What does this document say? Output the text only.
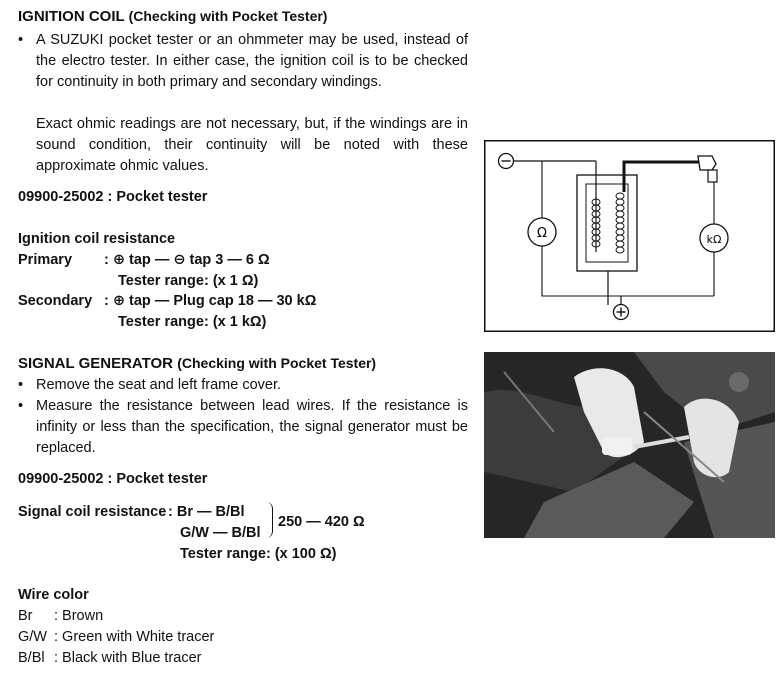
IGNITION COIL (Checking with Pocket Tester)
• A SUZUKI pocket tester or an ohmmeter may be used, instead of the electro tester. In either case, the ignition coil is to be checked for continuity in both primary and secondary windings.
Exact ohmic readings are not necessary, but, if the windings are in sound condition, their continuity will be noted with these approximate ohmic values.
09900-25002 : Pocket tester
Ignition coil resistance
Primary : ⊕ tap — ⊖ tap 3 — 6 Ω
Tester range: (x 1 Ω)
Secondary : ⊕ tap — Plug cap 18 — 30 kΩ
Tester range: (x 1 kΩ)
Ω	kΩ
SIGNAL GENERATOR (Checking with Pocket Tester)
• Remove the seat and left frame cover.
• Measure the resistance between lead wires. If the resistance is infinity or less than the specification, the signal generator must be replaced.
09900-25002 : Pocket tester
Signal coil resistance : Br — B/Bl
G/W — B/Bl
250 — 420 Ω
Tester range: (x 100 Ω)
Wire color
Br : Brown
G/W : Green with White tracer
B/Bl : Black with Blue tracer
